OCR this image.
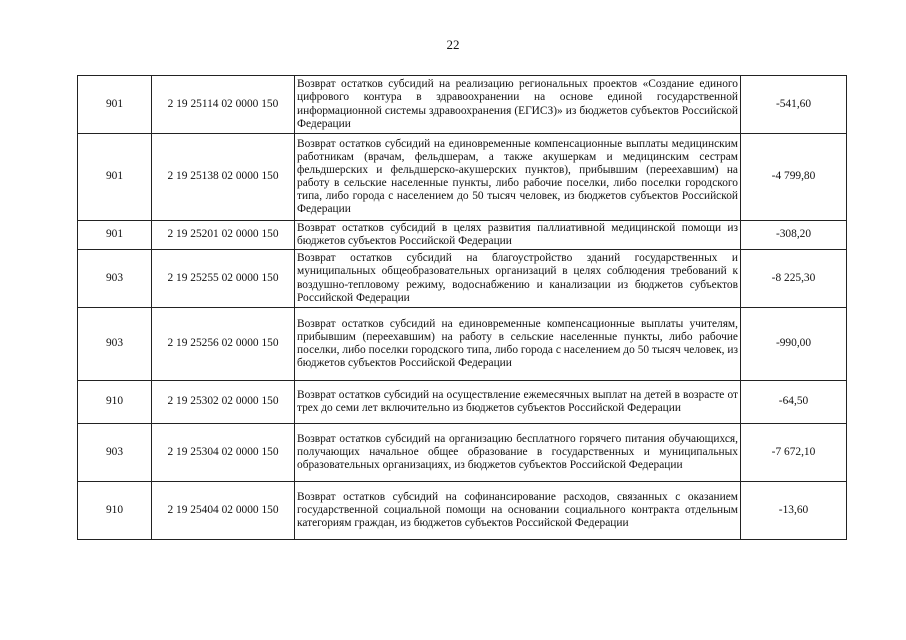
22
901	2 19 25114 02 0000 150	Возврат остатков субсидий на реализацию региональных проектов «Создание единого цифрового контура в здравоохранении на основе единой государственной информационной системы здравоохранения (ЕГИСЗ)» из бюджетов субъектов Российской Федерации	-541,60
901	2 19 25138 02 0000 150	Возврат остатков субсидий на единовременные компенсационные выплаты медицинским работникам (врачам, фельдшерам, а также акушеркам и медицинским сестрам фельдшерских и фельдшерско-акушерских пунктов), прибывшим (переехавшим) на работу в сельские населенные пункты, либо рабочие поселки, либо поселки городского типа, либо города с населением до 50 тысяч человек, из бюджетов субъектов Российской Федерации	-4 799,80
901	2 19 25201 02 0000 150	Возврат остатков субсидий в целях развития паллиативной медицинской помощи из бюджетов субъектов Российской Федерации	-308,20
903	2 19 25255 02 0000 150	Возврат остатков субсидий на благоустройство зданий государственных и муниципальных общеобразовательных организаций в целях соблюдения требований к воздушно-тепловому режиму, водоснабжению и канализации из бюджетов субъектов Российской Федерации	-8 225,30
903	2 19 25256 02 0000 150	Возврат остатков субсидий на единовременные компенсационные выплаты учителям, прибывшим (переехавшим) на работу в сельские населенные пункты, либо рабочие поселки, либо поселки городского типа, либо города с населением до 50 тысяч человек, из бюджетов субъектов Российской Федерации	-990,00
910	2 19 25302 02 0000 150	Возврат остатков субсидий на осуществление ежемесячных выплат на детей в возрасте от трех до семи лет включительно из бюджетов субъектов Российской Федерации	-64,50
903	2 19 25304 02 0000 150	Возврат остатков субсидий на организацию бесплатного горячего питания обучающихся, получающих начальное общее образование в государственных и муниципальных образовательных организациях, из бюджетов субъектов Российской Федерации	-7 672,10
910	2 19 25404 02 0000 150	Возврат остатков субсидий на софинансирование расходов, связанных с оказанием государственной социальной помощи на основании социального контракта отдельным категориям граждан, из бюджетов субъектов Российской Федерации	-13,60
